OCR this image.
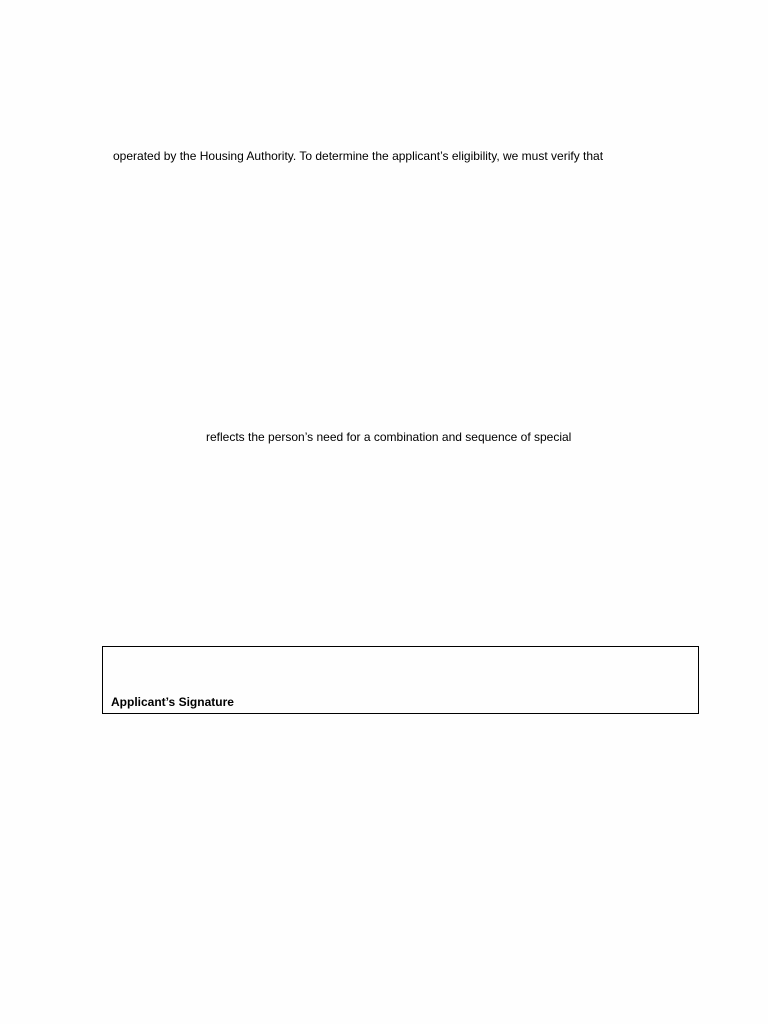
operated by the Housing Authority. To determine the applicant’s eligibility, we must verify that
reflects the person’s need for a combination and sequence of special
Applicant’s Signature
